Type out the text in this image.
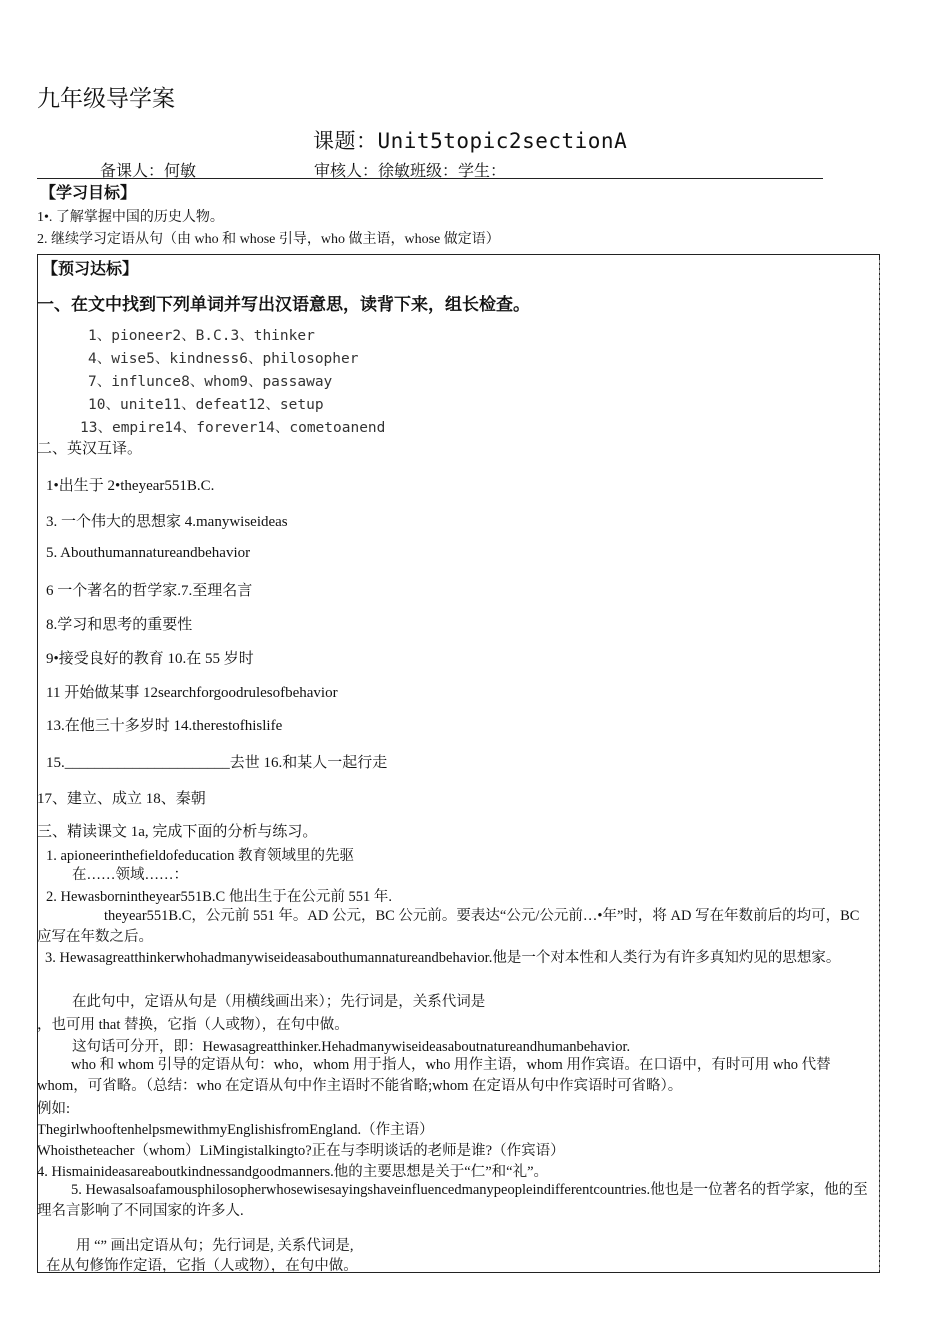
九年级导学案
课题：Unit5topic2sectionA
备课人：何敏	审核人：徐敏班级：学生：
【学习目标】
1•. 了解掌握中国的历史人物。
2. 继续学习定语从句（由 who 和 whose 引导，who 做主语，whose 做定语）
【预习达标】
一、在文中找到下列单词并写出汉语意思，读背下来，组长检查。
1、pioneer2、B.C.3、thinker
4、wise5、kindness6、philosopher
7、influnce8、whom9、passaway
10、unite11、defeat12、setup
13、empire14、forever14、cometoanend
二、英汉互译。
1•出生于 2•theyear551B.C.
3. 一个伟大的思想家 4.manywiseideas
5. Abouthumannatureandbehavior
6 一个著名的哲学家.7.至理名言
8.学习和思考的重要性
9•接受良好的教育 10.在 55 岁时
11 开始做某事 12searchforgoodrulesofbehavior
13.在他三十多岁时 14.therestofhislife
15.______________________去世 16.和某人一起行走
17、建立、成立 18、秦朝
三、精读课文 1a, 完成下面的分析与练习。
1. apioneerinthefieldofeducation 教育领域里的先驱
在……领域……：
2. Hewasbornintheyear551B.C 他出生于在公元前 551 年.
theyear551B.C，公元前 551 年。AD 公元，BC 公元前。要表达“公元/公元前…•年”时，将 AD 写在年数前后的均可，BC 应写在年数之后。
3. Hewasagreatthinkerwhohadmanywiseideasabouthumannatureandbehavior.他是一个对本性和人类行为有许多真知灼见的思想家。
在此句中，定语从句是（用横线画出来）；先行词是，关系代词是
，也可用 that 替换，它指（人或物），在句中做。
这句话可分开，即：Hewasagreatthinker.Hehadmanywiseideasaboutnatureandhumanbehavior.
who 和 whom 引导的定语从句：who，whom 用于指人，who 用作主语，whom 用作宾语。在口语中，有时可用 who 代替 whom，可省略。（总结：who 在定语从句中作主语时不能省略;whom 在定语从句中作宾语时可省略）。
例如:
ThegirlwhooftenhelpsmewithmyEnglishisfromEngland.（作主语）
Whoistheteacher（whom）LiMingistalkingto?正在与李明谈话的老师是谁?（作宾语）
4. Hismainideasareaboutkindnessandgoodmanners.他的主要思想是关于“仁”和“礼”。
5. Hewasalsoafamousphilosopherwhosewisesayingshaveinfluencedmanypeopleindifferentcountries.他也是一位著名的哲学家，他的至理名言影响了不同国家的许多人.
用 “” 画出定语从句；先行词是, 关系代词是,
在从句修饰作定语，它指（人或物），在句中做。
